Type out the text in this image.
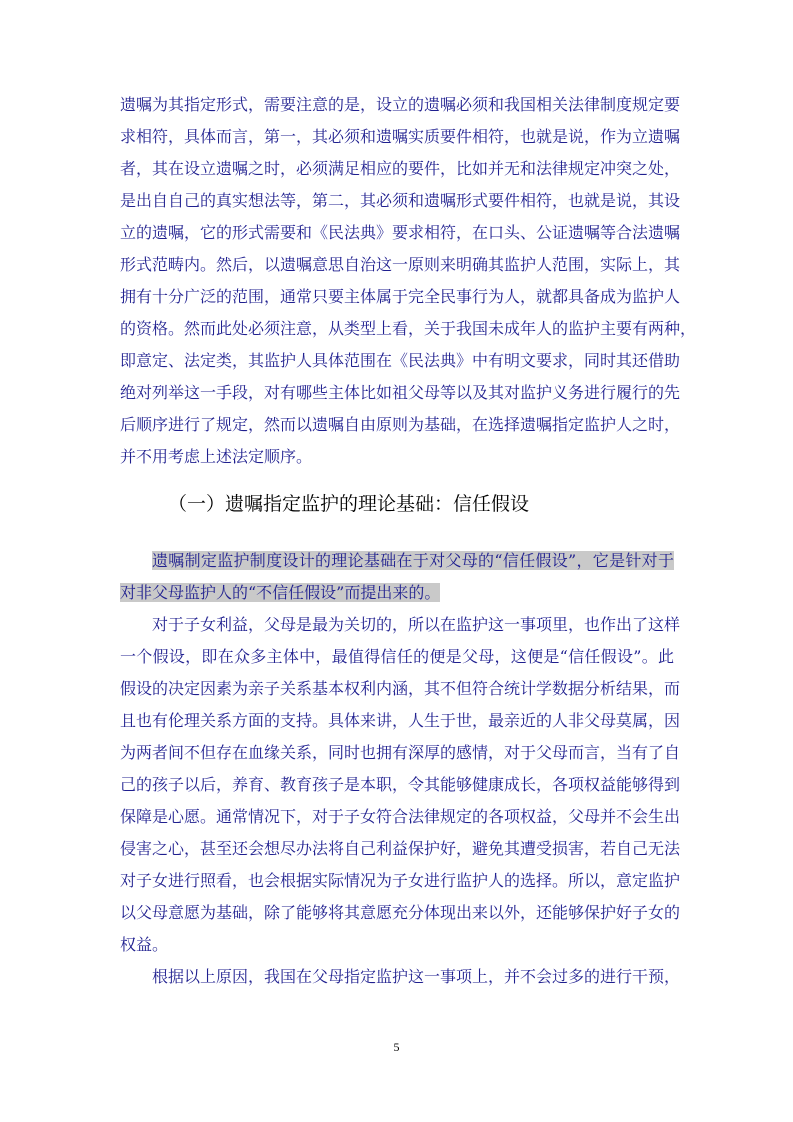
遗嘱为其指定形式，需要注意的是，设立的遗嘱必须和我国相关法律制度规定要
求相符，具体而言，第一，其必须和遗嘱实质要件相符，也就是说，作为立遗嘱
者，其在设立遗嘱之时，必须满足相应的要件，比如并无和法律规定冲突之处，
是出自自己的真实想法等，第二，其必须和遗嘱形式要件相符，也就是说，其设
立的遗嘱，它的形式需要和《民法典》要求相符，在口头、公证遗嘱等合法遗嘱
形式范畴内。然后，以遗嘱意思自治这一原则来明确其监护人范围，实际上，其
拥有十分广泛的范围，通常只要主体属于完全民事行为人，就都具备成为监护人
的资格。然而此处必须注意，从类型上看，关于我国未成年人的监护主要有两种，
即意定、法定类，其监护人具体范围在《民法典》中有明文要求，同时其还借助
绝对列举这一手段，对有哪些主体比如祖父母等以及其对监护义务进行履行的先
后顺序进行了规定，然而以遗嘱自由原则为基础，在选择遗嘱指定监护人之时，
并不用考虑上述法定顺序。
（一）遗嘱指定监护的理论基础：信任假设
遗嘱制定监护制度设计的理论基础在于对父母的“信任假设”，它是针对于
对非父母监护人的“不信任假设”而提出来的。
对于子女利益，父母是最为关切的，所以在监护这一事项里，也作出了这样
一个假设，即在众多主体中，最值得信任的便是父母，这便是“信任假设”。此
假设的决定因素为亲子关系基本权利内涵，其不但符合统计学数据分析结果，而
且也有伦理关系方面的支持。具体来讲，人生于世，最亲近的人非父母莫属，因
为两者间不但存在血缘关系，同时也拥有深厚的感情，对于父母而言，当有了自
己的孩子以后，养育、教育孩子是本职，令其能够健康成长，各项权益能够得到
保障是心愿。通常情况下，对于子女符合法律规定的各项权益，父母并不会生出
侵害之心，甚至还会想尽办法将自己利益保护好，避免其遭受损害，若自己无法
对子女进行照看，也会根据实际情况为子女进行监护人的选择。所以，意定监护
以父母意愿为基础，除了能够将其意愿充分体现出来以外，还能够保护好子女的
权益。
根据以上原因，我国在父母指定监护这一事项上，并不会过多的进行干预，
5
